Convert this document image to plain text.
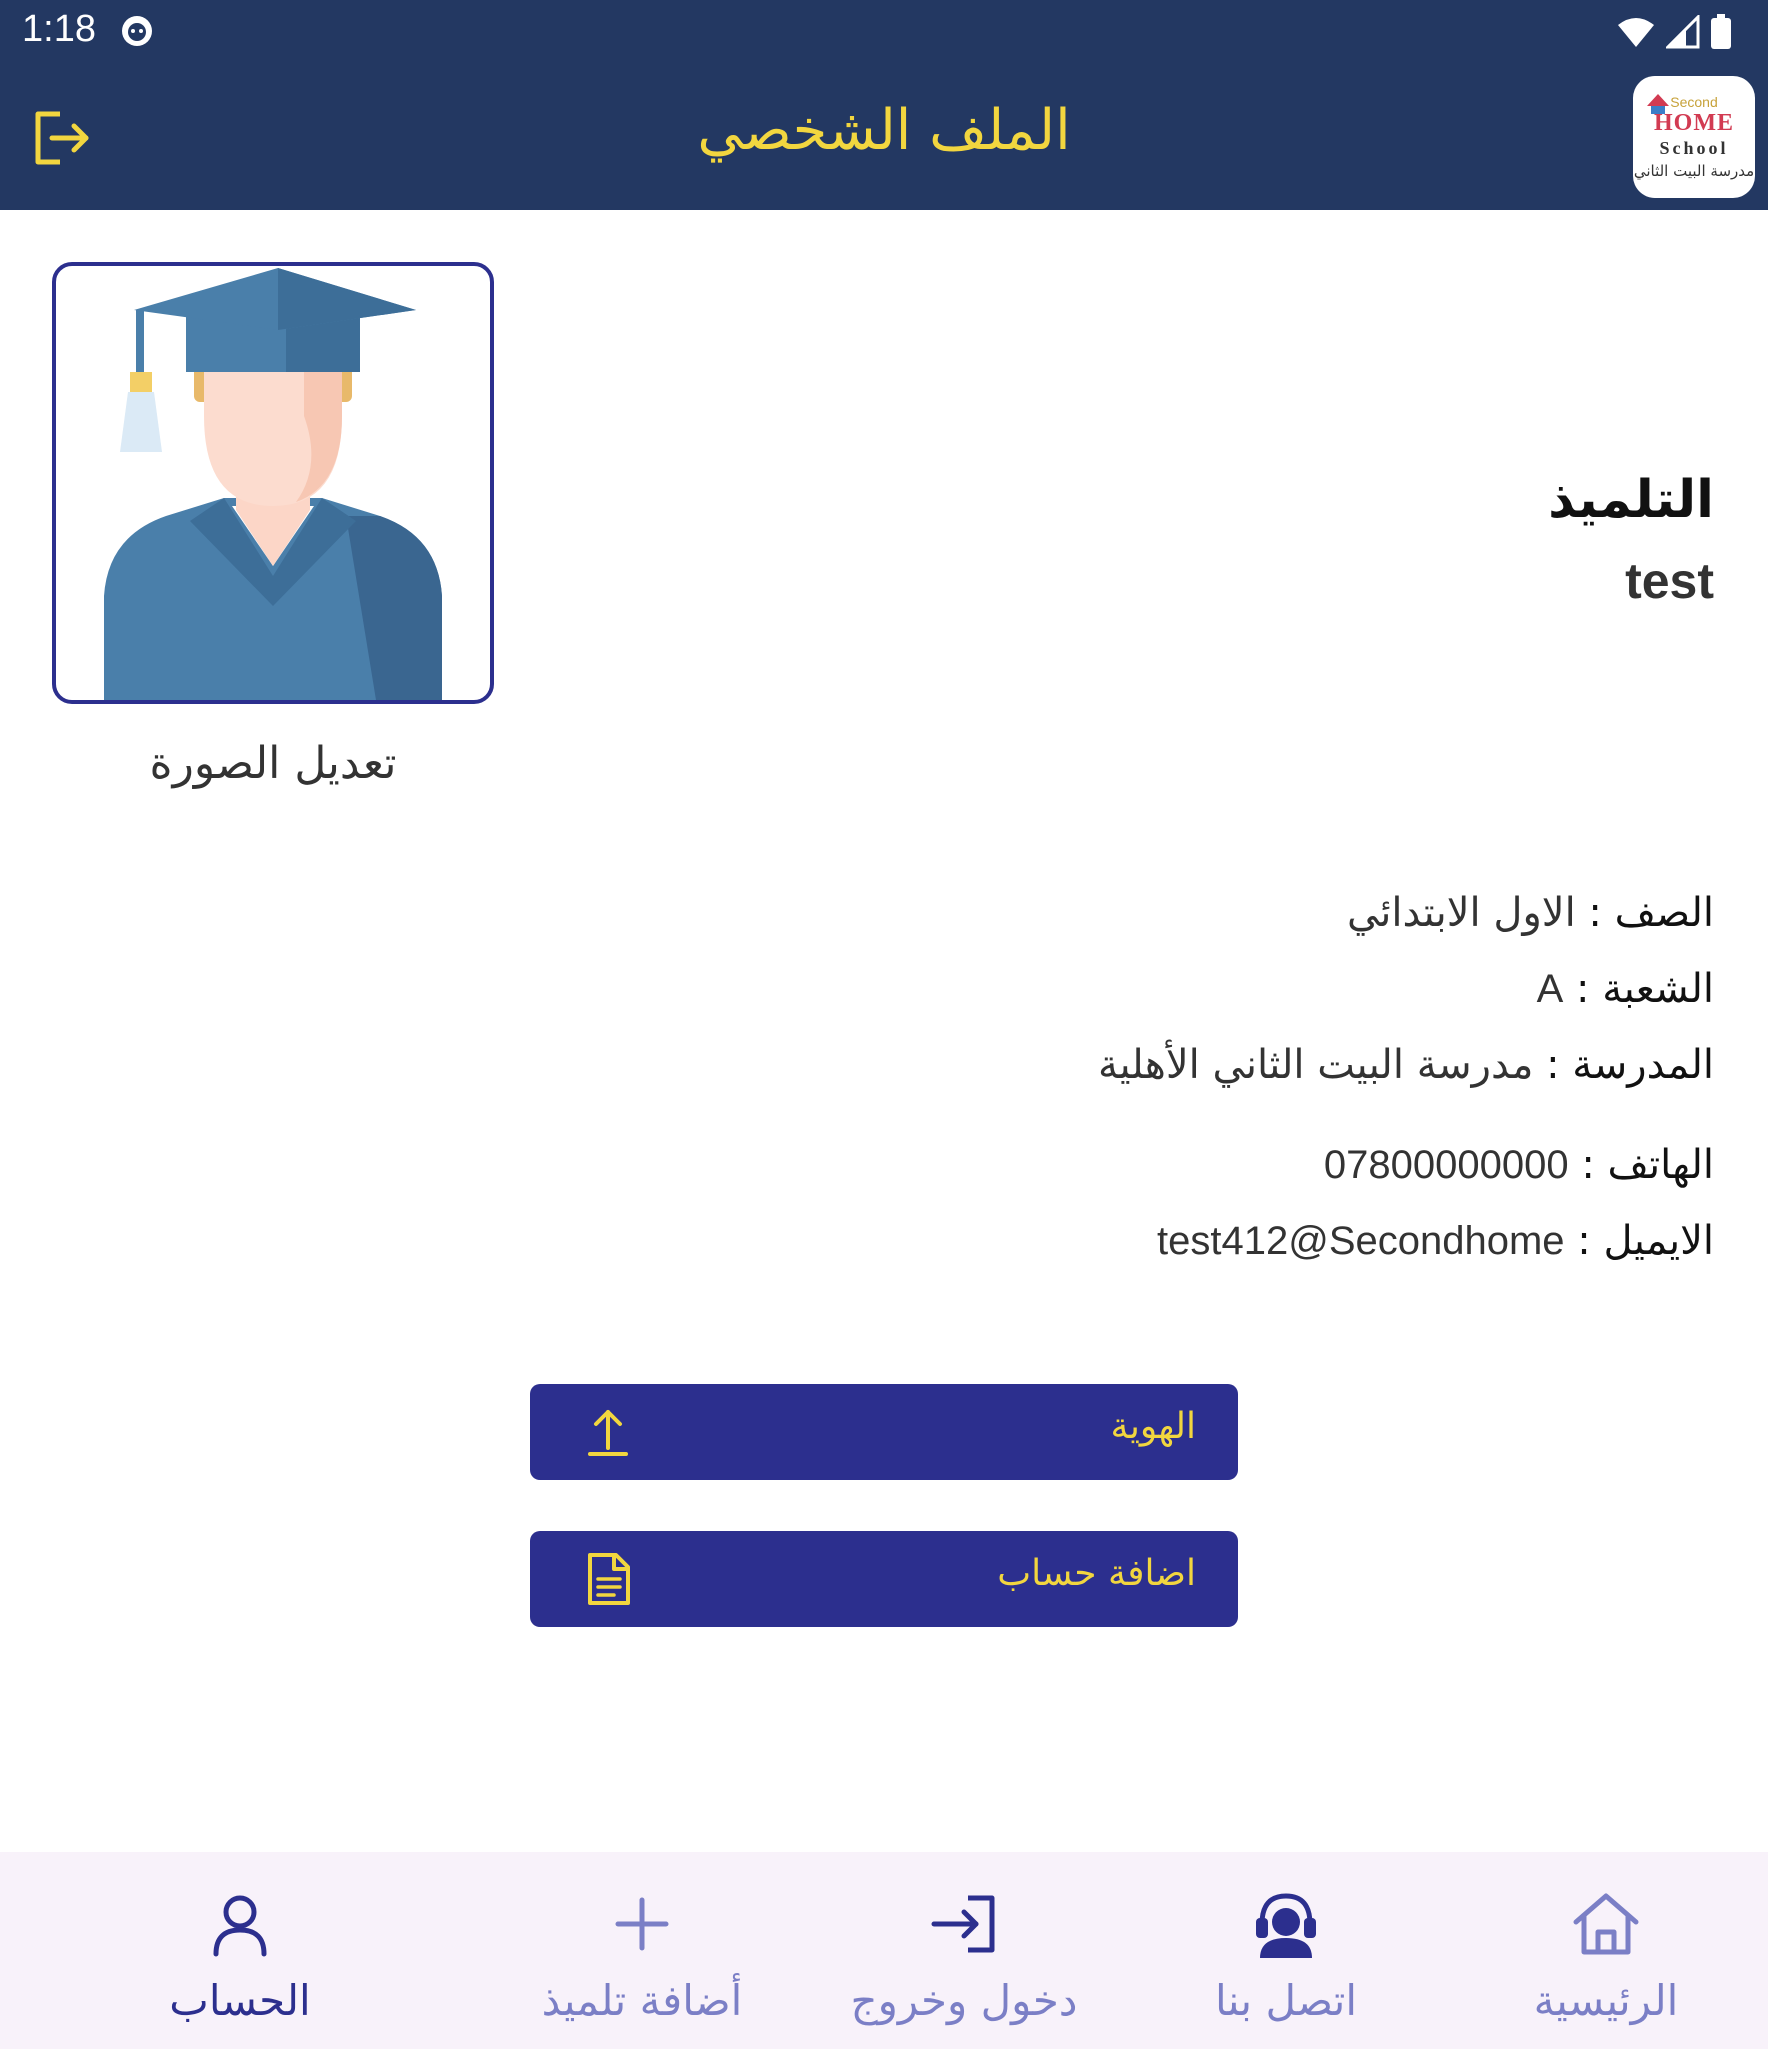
1:18
الملف الشخصي	Second
HOME
School
مدرسة البيت الثاني
تعديل الصورة
التلميذ
test
الصف : الاول الابتدائي
الشعبة : A
المدرسة : مدرسة البيت الثاني الأهلية
الهاتف : 07800000000
الايميل : test412@Secondhome
الهوية
اضافة حساب
الحساب	أضافة تلميذ	دخول وخروج	اتصل بنا	الرئيسية
